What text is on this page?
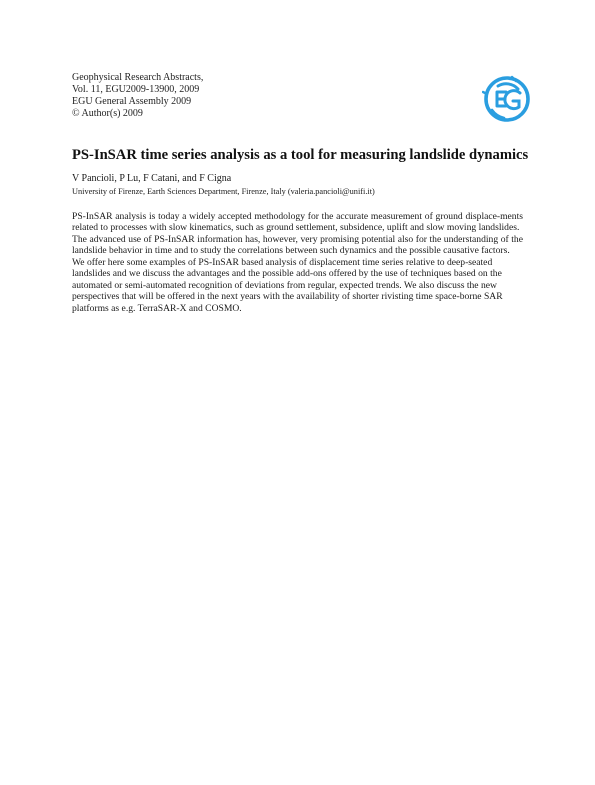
Geophysical Research Abstracts,
Vol. 11, EGU2009-13900, 2009
EGU General Assembly 2009
© Author(s) 2009
PS-InSAR time series analysis as a tool for measuring landslide dynamics
V Pancioli, P Lu, F Catani, and F Cigna
University of Firenze, Earth Sciences Department, Firenze, Italy (valeria.pancioli@unifi.it)

PS-InSAR analysis is today a widely accepted methodology for the accurate measurement of ground displace-ments related to processes with slow kinematics, such as ground settlement, subsidence, uplift and slow moving landslides.

The advanced use of PS-InSAR information has, however, very promising potential also for the understanding of the landslide behavior in time and to study the correlations between such dynamics and the possible causative factors.

We offer here some examples of PS-InSAR based analysis of displacement time series relative to deep-seated landslides and we discuss the advantages and the possible add-ons offered by the use of techniques based on the automated or semi-automated recognition of deviations from regular, expected trends. We also discuss the new perspectives that will be offered in the next years with the availability of shorter rivisting time space-borne SAR platforms as e.g. TerraSAR-X and COSMO.
